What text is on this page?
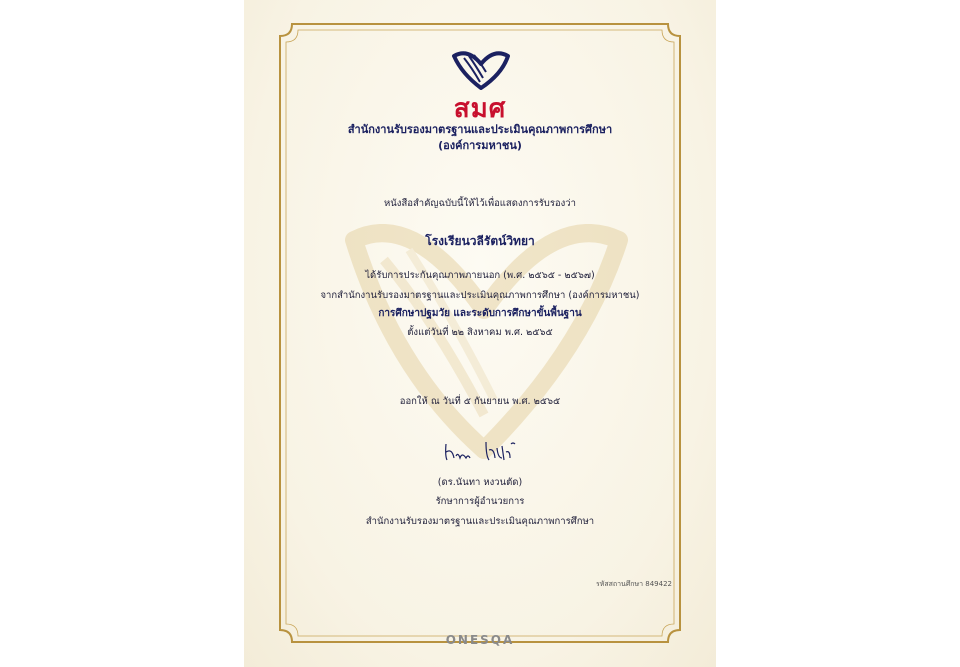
สมศ
สำนักงานรับรองมาตรฐานและประเมินคุณภาพการศึกษา
(องค์การมหาชน)
หนังสือสำคัญฉบับนี้ให้ไว้เพื่อแสดงการรับรองว่า
โรงเรียนวลีรัตน์วิทยา
ได้รับการประกันคุณภาพภายนอก (พ.ศ. ๒๕๖๕ - ๒๕๖๗)
จากสำนักงานรับรองมาตรฐานและประเมินคุณภาพการศึกษา (องค์การมหาชน)
การศึกษาปฐมวัย และระดับการศึกษาขั้นพื้นฐาน
ตั้งแต่วันที่ ๒๒ สิงหาคม พ.ศ. ๒๕๖๕
ออกให้ ณ วันที่ ๕ กันยายน พ.ศ. ๒๕๖๕
(ดร.นันทา หงวนตัด)
รักษาการผู้อำนวยการ
สำนักงานรับรองมาตรฐานและประเมินคุณภาพการศึกษา
รหัสสถานศึกษา 849422
ONESQA
